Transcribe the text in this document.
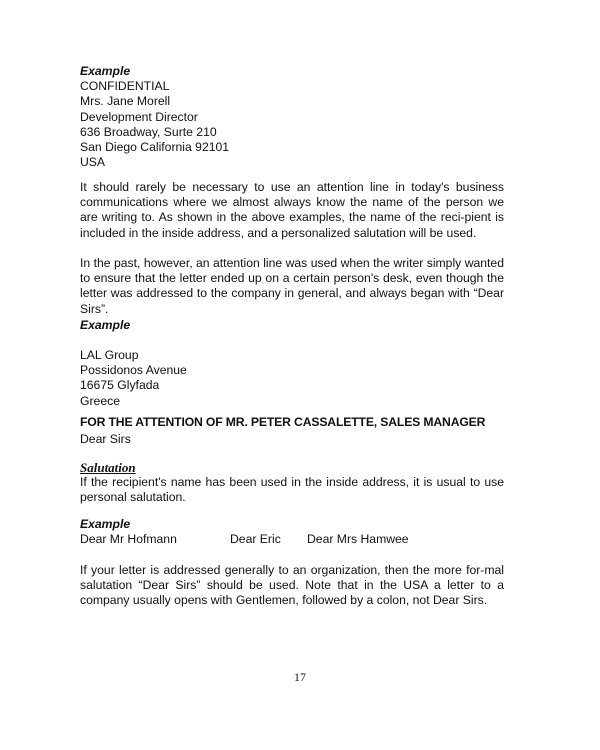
Example
CONFIDENTIAL
Mrs. Jane Morell
Development Director
636 Broadway, Surte 210
San Diego California 92101
USA
It should rarely be necessary to use an attention line in today's business communications where we almost always know the name of the person we are writing to. As shown in the above examples, the name of the reci-pient is included in the inside address, and a personalized salutation will be used.
In the past, however, an attention line was used when the writer simply wanted to ensure that the letter ended up on a certain person's desk, even though the letter was addressed to the company in general, and always began with “Dear Sirs”.
Example
LAL Group
Possidonos Avenue
16675 Glyfada
Greece
FOR THE ATTENTION OF MR. PETER CASSALETTE, SALES MANAGER
Dear Sirs
Salutation
If the recipient's name has been used in the inside address, it is usual to use personal salutation.
Example
Dear Mr Hofmann	Dear Eric Dear Mrs Hamwee
If your letter is addressed generally to an organization, then the more for-mal salutation “Dear Sirs” should be used. Note that in the USA a letter to a company usually opens with Gentlemen, followed by a colon, not Dear Sirs.
17
